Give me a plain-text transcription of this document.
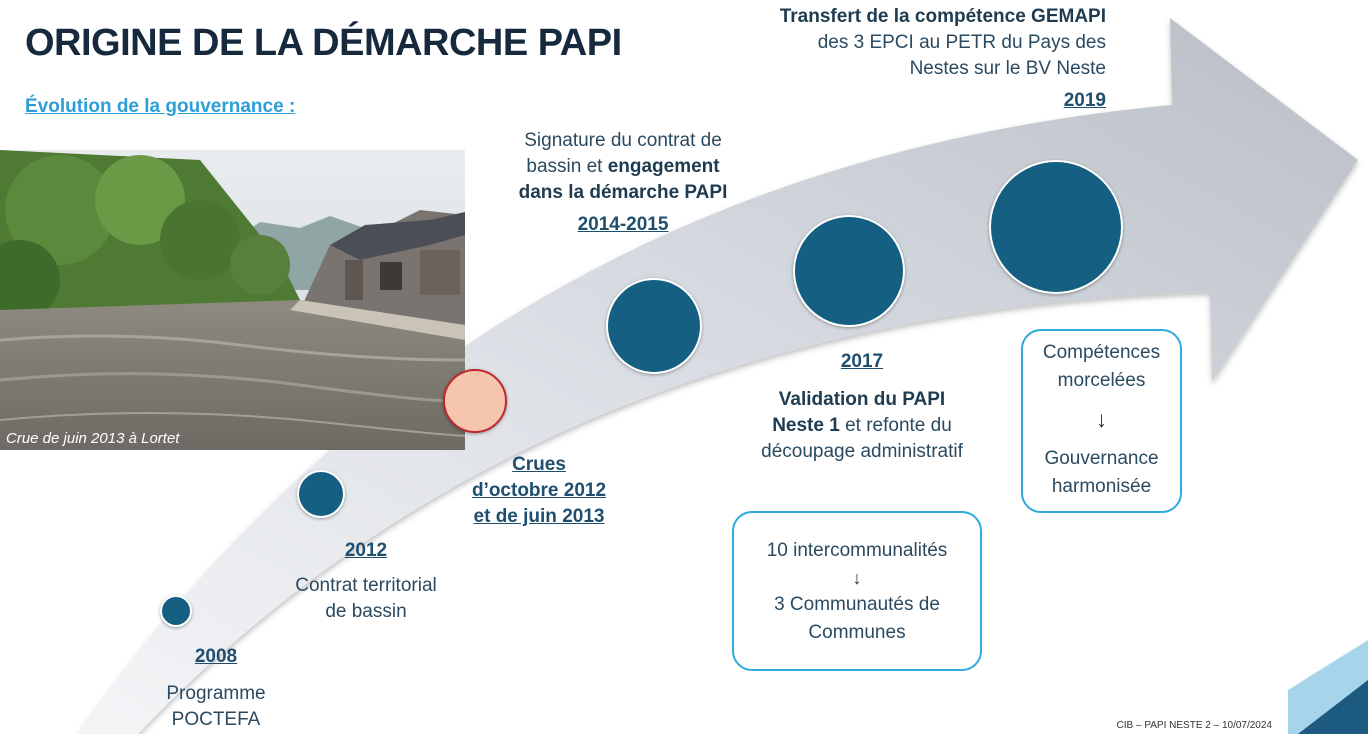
ORIGINE DE LA DÉMARCHE PAPI
Évolution de la gouvernance :
Crue de juin 2013 à Lortet
2008
Programme
POCTEFA
2012
Contrat territorial
de bassin
Crues
d’octobre 2012
et de juin 2013
Signature du contrat de
bassin et engagement
dans la démarche PAPI
2014-2015
2017
Validation du PAPI
Neste 1 et refonte du
découpage administratif
Transfert de la compétence GEMAPI
des 3 EPCI au PETR du Pays des
Nestes sur le BV Neste
2019
10 intercommunalités
↓
3 Communautés de
Communes
Compétences
morcelées
↓
Gouvernance
harmonisée
CIB – PAPI NESTE 2 – 10/07/2024
